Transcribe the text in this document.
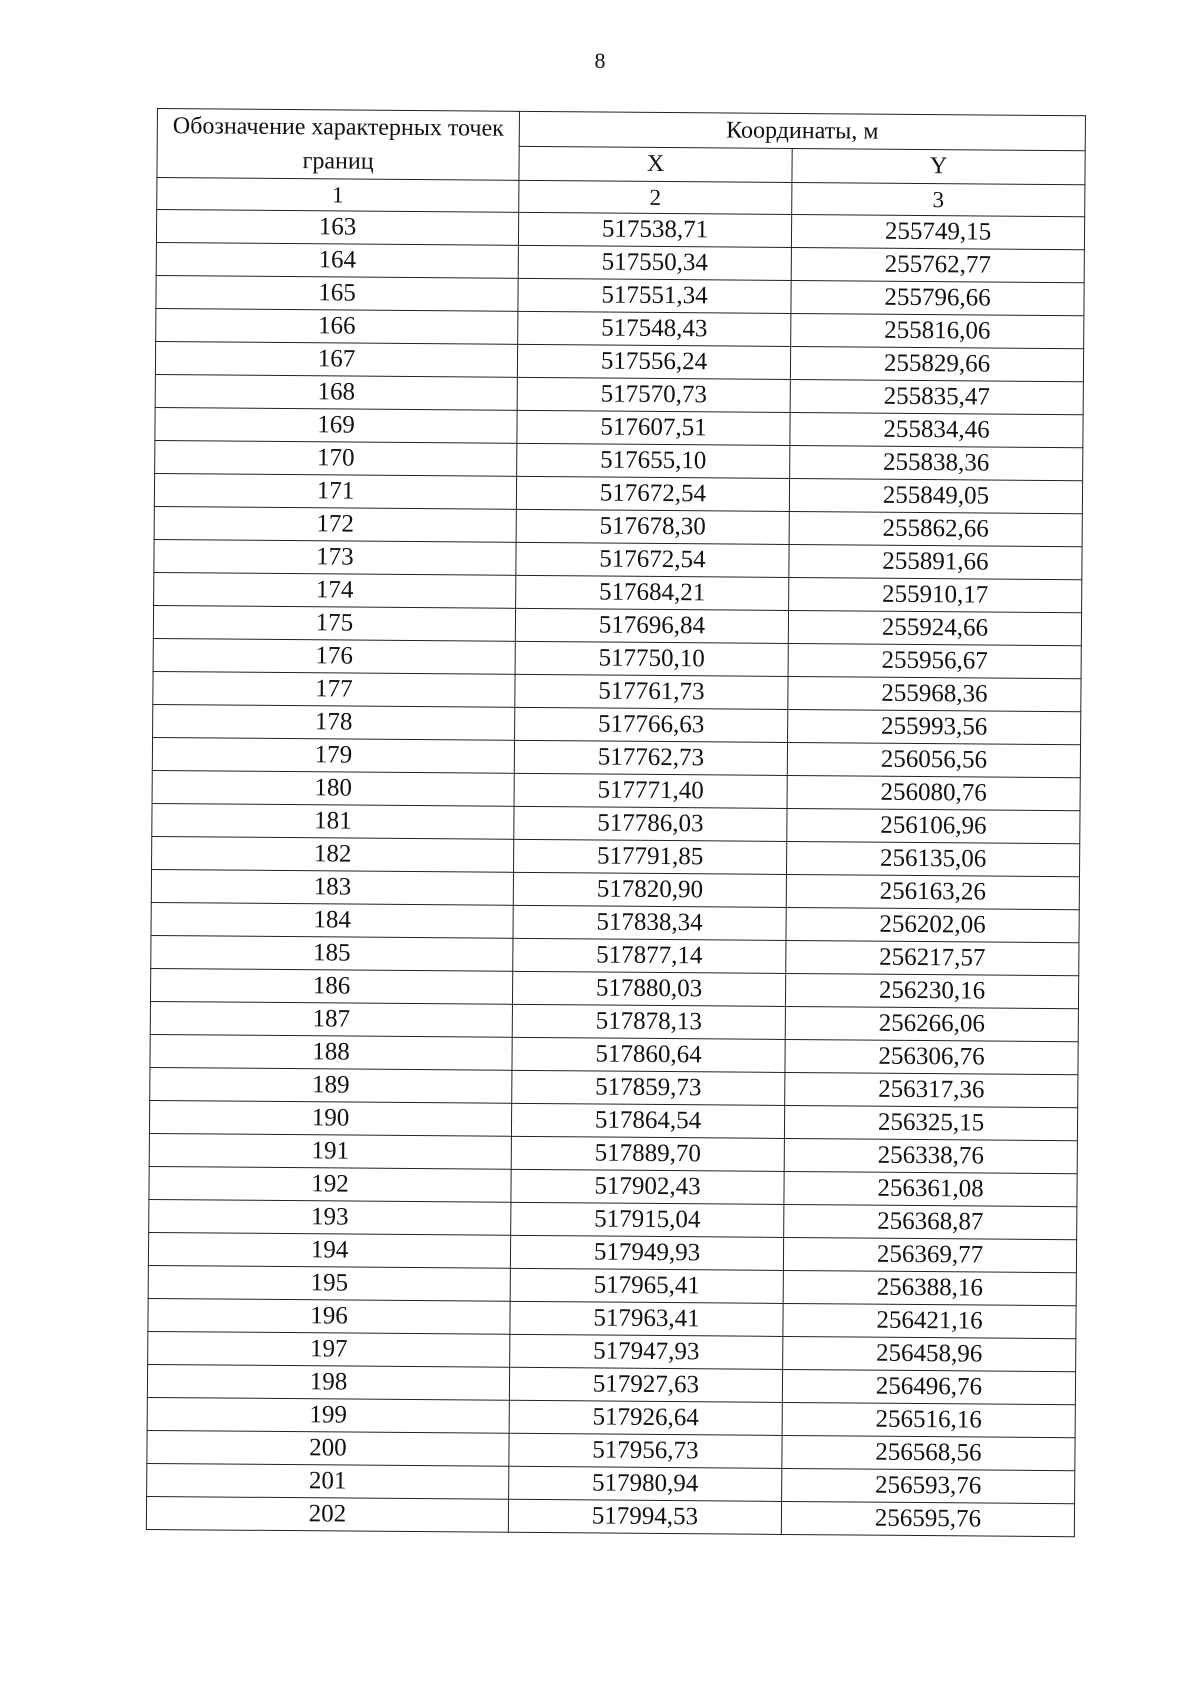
8
Обозначение характерных точек границ	Координаты, м	
	X	Y
1	2	3
163	517538,71	255749,15
164	517550,34	255762,77
165	517551,34	255796,66
166	517548,43	255816,06
167	517556,24	255829,66
168	517570,73	255835,47
169	517607,51	255834,46
170	517655,10	255838,36
171	517672,54	255849,05
172	517678,30	255862,66
173	517672,54	255891,66
174	517684,21	255910,17
175	517696,84	255924,66
176	517750,10	255956,67
177	517761,73	255968,36
178	517766,63	255993,56
179	517762,73	256056,56
180	517771,40	256080,76
181	517786,03	256106,96
182	517791,85	256135,06
183	517820,90	256163,26
184	517838,34	256202,06
185	517877,14	256217,57
186	517880,03	256230,16
187	517878,13	256266,06
188	517860,64	256306,76
189	517859,73	256317,36
190	517864,54	256325,15
191	517889,70	256338,76
192	517902,43	256361,08
193	517915,04	256368,87
194	517949,93	256369,77
195	517965,41	256388,16
196	517963,41	256421,16
197	517947,93	256458,96
198	517927,63	256496,76
199	517926,64	256516,16
200	517956,73	256568,56
201	517980,94	256593,76
202	517994,53	256595,76
